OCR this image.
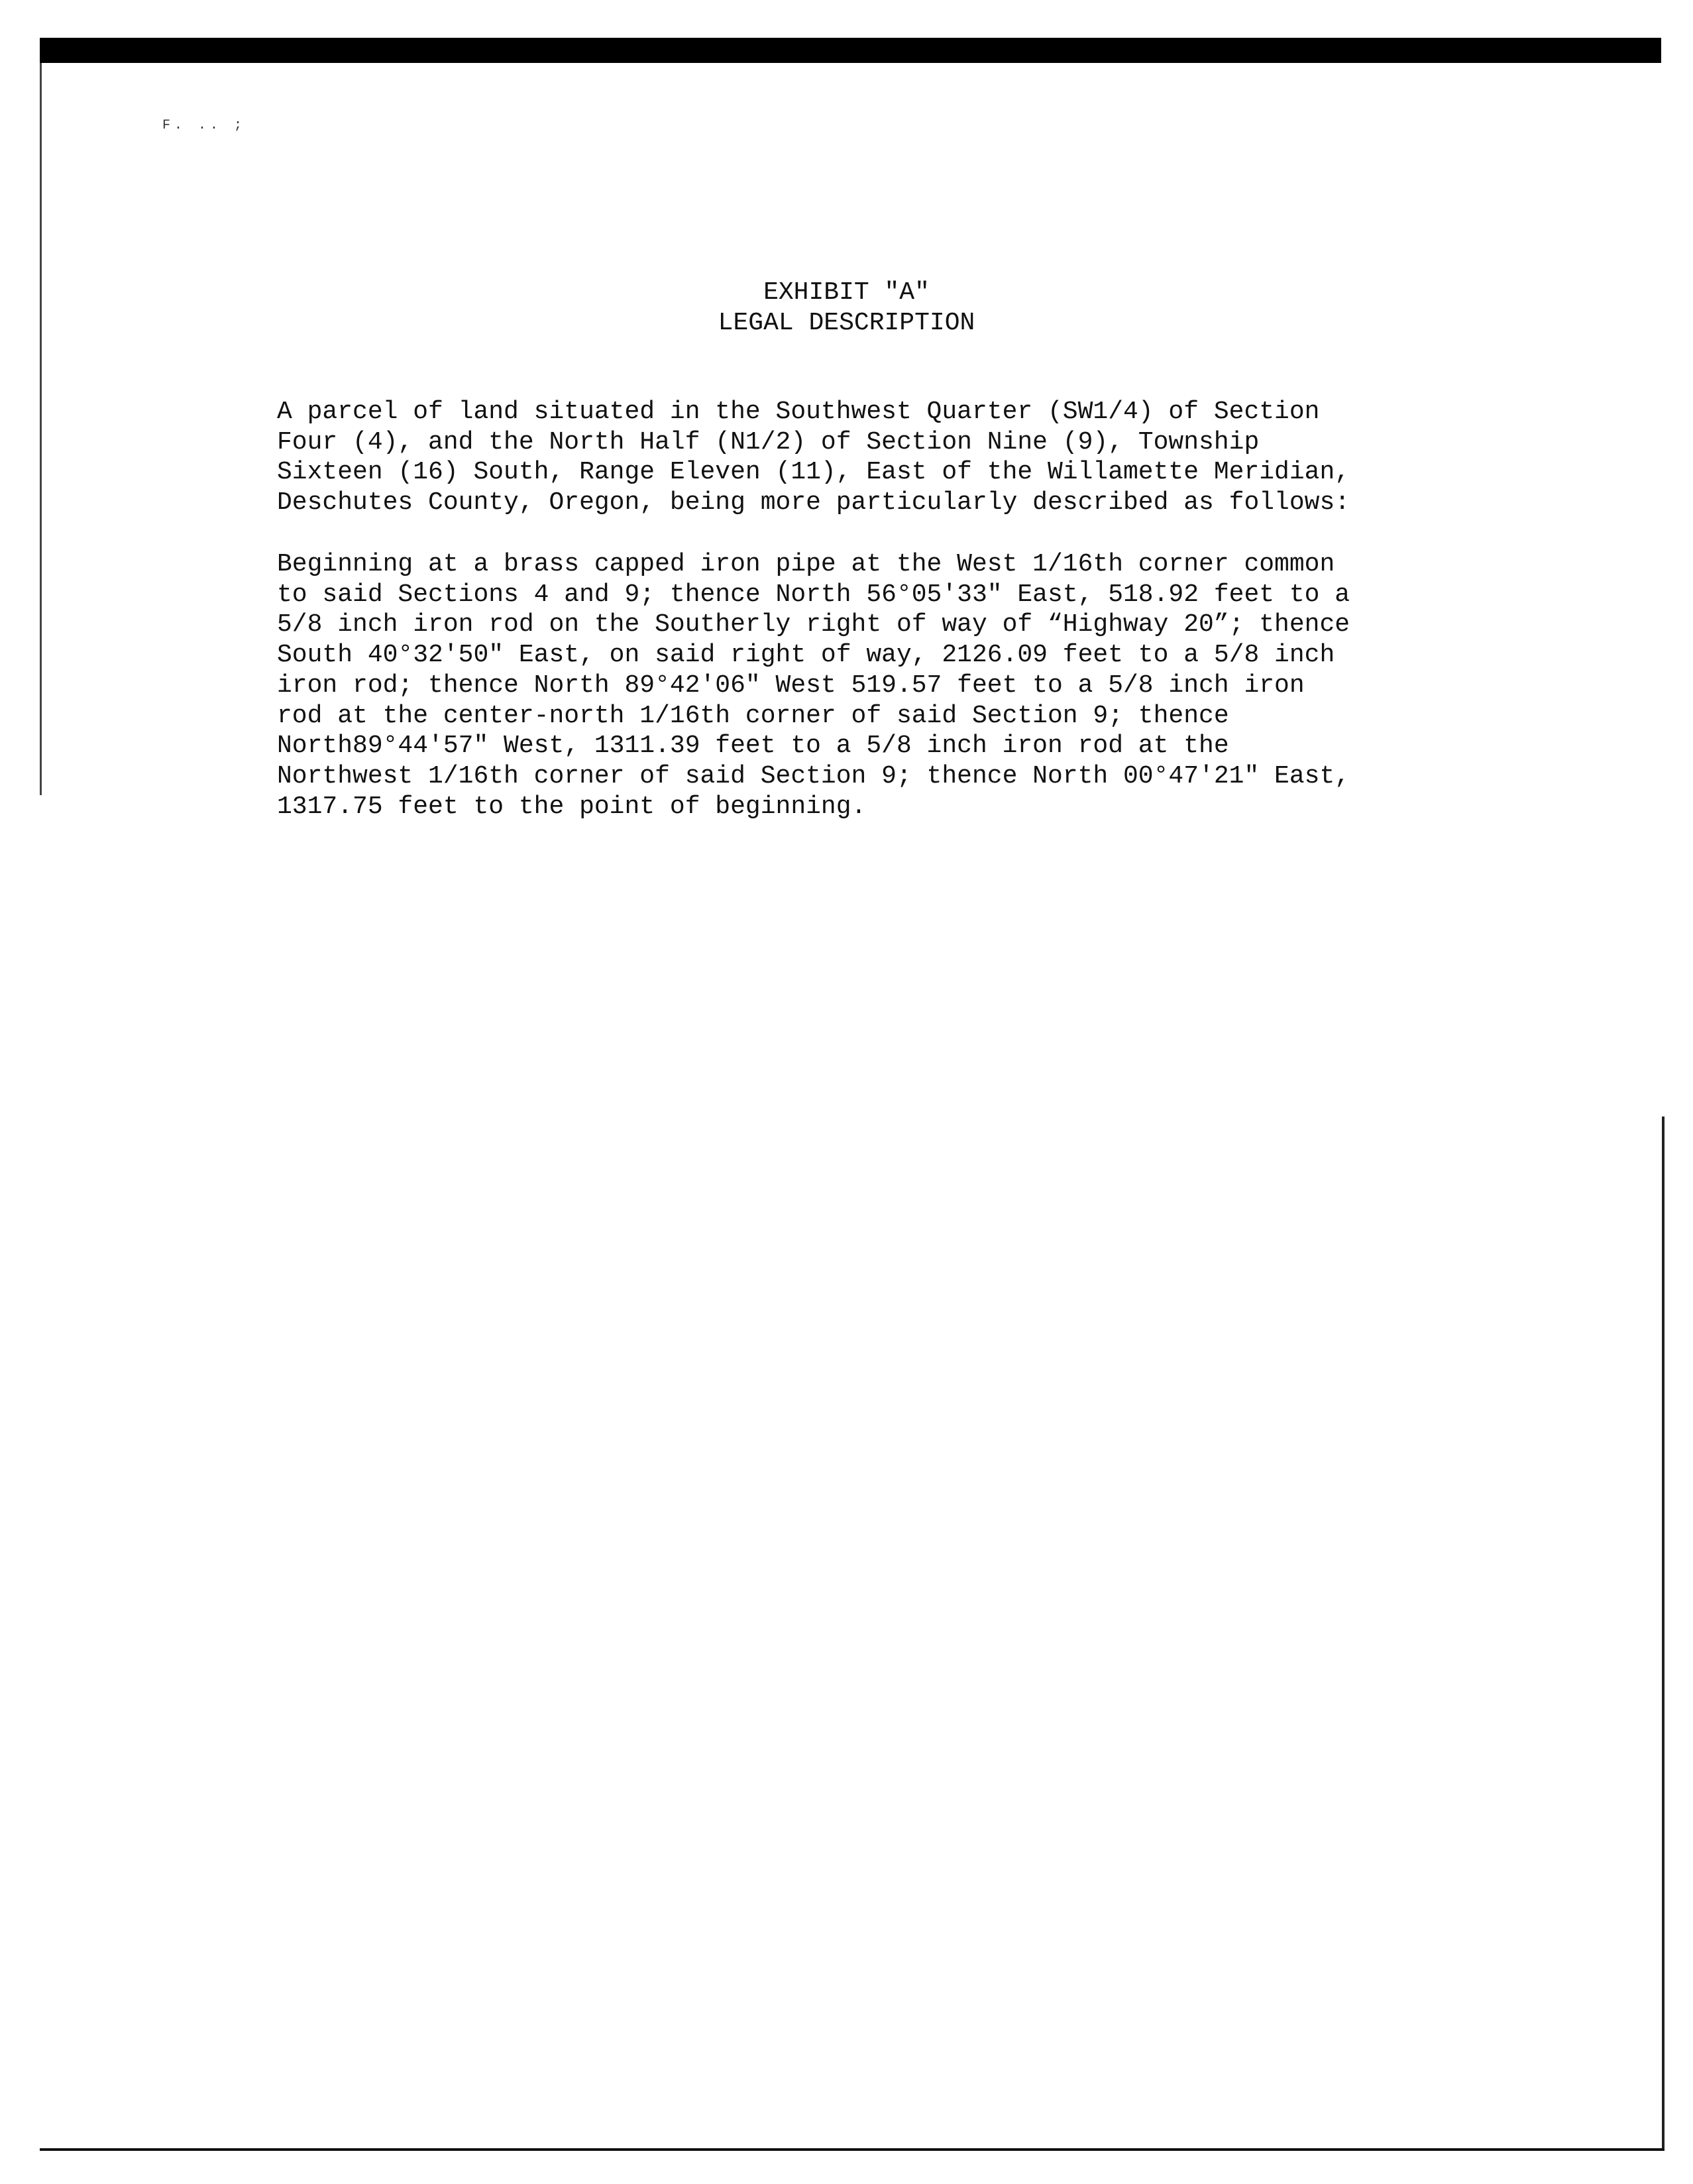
F. .. ;
EXHIBIT "A"
LEGAL DESCRIPTION

A parcel of land situated in the Southwest Quarter (SW1/4) of Section
Four (4), and the North Half (N1/2) of Section Nine (9), Township
Sixteen (16) South, Range Eleven (11), East of the Willamette Meridian,
Deschutes County, Oregon, being more particularly described as follows:

Beginning at a brass capped iron pipe at the West 1/16th corner common
to said Sections 4 and 9; thence North 56°05′33″ East, 518.92 feet to a
5/8 inch iron rod on the Southerly right of way of “Highway 20”; thence
South 40°32′50″ East, on said right of way, 2126.09 feet to a 5/8 inch
iron rod; thence North 89°42′06″ West 519.57 feet to a 5/8 inch iron
rod at the center-north 1/16th corner of said Section 9; thence
North89°44′57″ West, 1311.39 feet to a 5/8 inch iron rod at the
Northwest 1/16th corner of said Section 9; thence North 00°47′21″ East,
1317.75 feet to the point of beginning.
